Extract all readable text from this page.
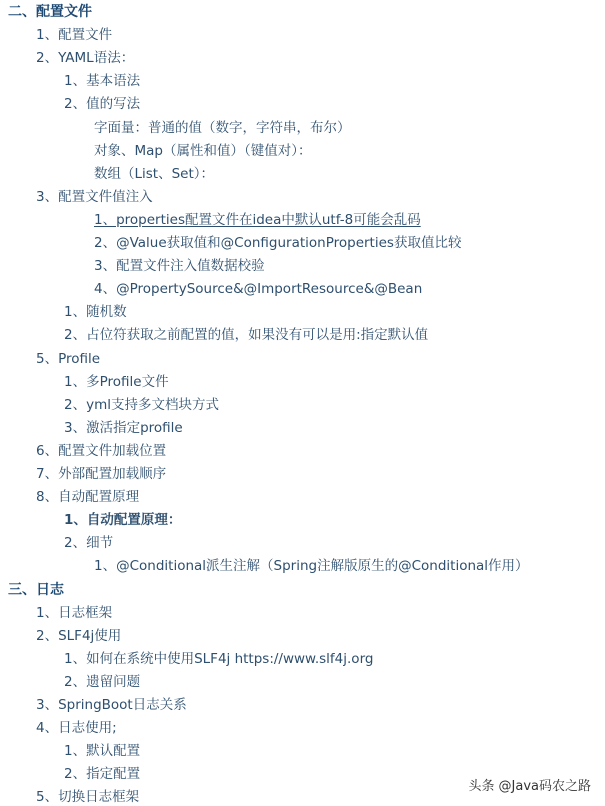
二、配置文件
1、配置文件
2、YAML语法：
1、基本语法
2、值的写法
字面量：普通的值（数字，字符串，布尔）
对象、Map（属性和值）（键值对）：
数组（List、Set）：
3、配置文件值注入
1、properties配置文件在idea中默认utf-8可能会乱码
2、@Value获取值和@ConfigurationProperties获取值比较
3、配置文件注入值数据校验
4、@PropertySource&@ImportResource&@Bean
1、随机数
2、占位符获取之前配置的值，如果没有可以是用:指定默认值
5、Profile
1、多Profile文件
2、yml支持多文档块方式
3、激活指定profile
6、配置文件加载位置
7、外部配置加载顺序
8、自动配置原理
1、自动配置原理：
2、细节
1、@Conditional派生注解（Spring注解版原生的@Conditional作用）
三、日志
1、日志框架
2、SLF4j使用
1、如何在系统中使用SLF4j https://www.slf4j.org
2、遗留问题
3、SpringBoot日志关系
4、日志使用;
1、默认配置
2、指定配置
5、切换日志框架
头条 @Java码农之路
